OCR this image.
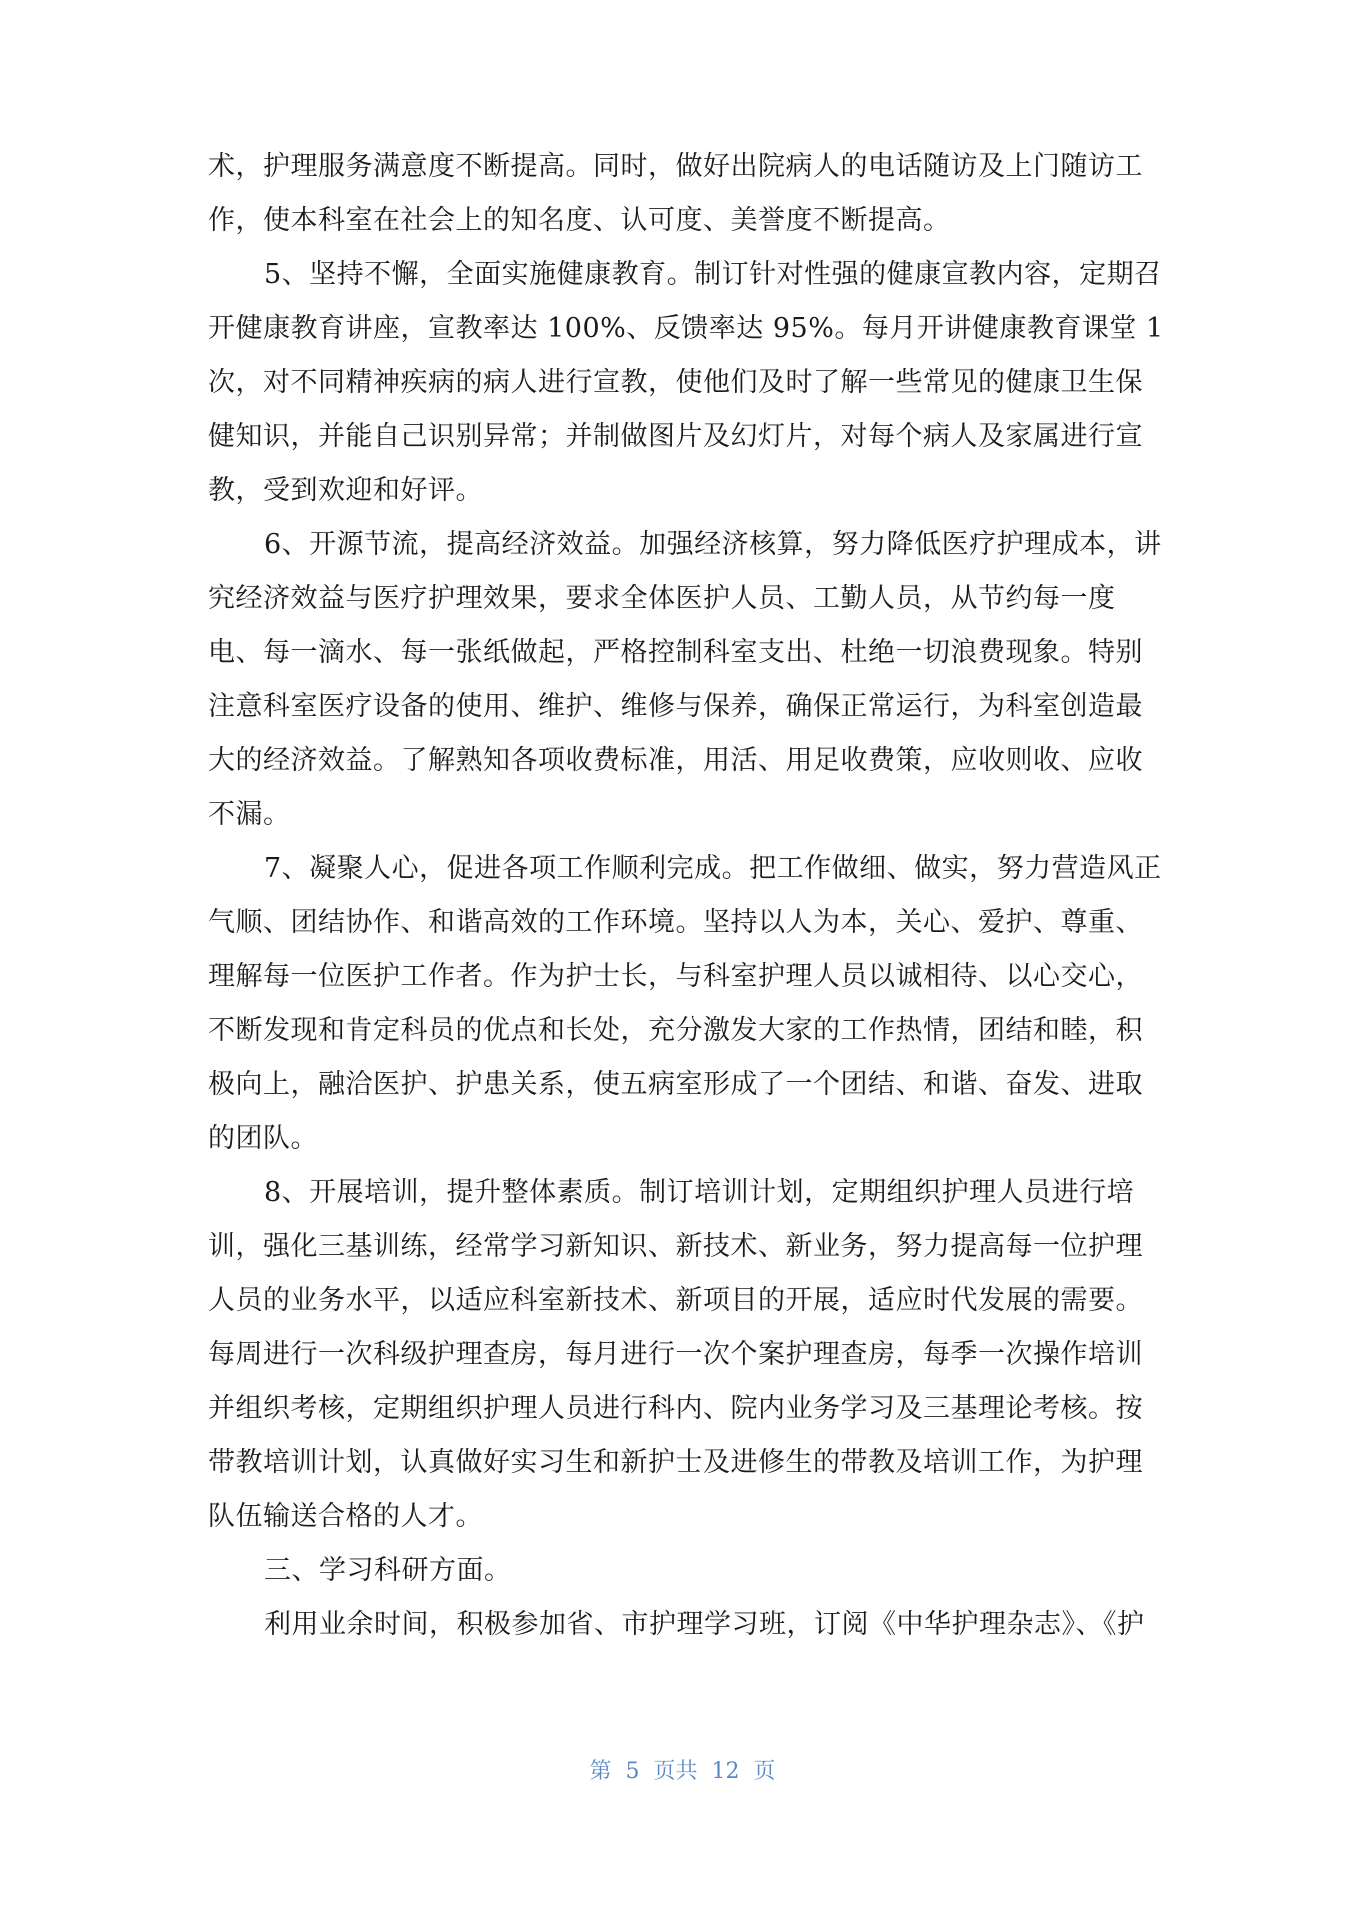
术，护理服务满意度不断提高。同时，做好出院病人的电话随访及上门随访工
作，使本科室在社会上的知名度、认可度、美誉度不断提高。
5、坚持不懈，全面实施健康教育。制订针对性强的健康宣教内容，定期召
开健康教育讲座，宣教率达 100%、反馈率达 95%。每月开讲健康教育课堂 1
次，对不同精神疾病的病人进行宣教，使他们及时了解一些常见的健康卫生保
健知识，并能自己识别异常；并制做图片及幻灯片，对每个病人及家属进行宣
教，受到欢迎和好评。
6、开源节流，提高经济效益。加强经济核算，努力降低医疗护理成本，讲
究经济效益与医疗护理效果，要求全体医护人员、工勤人员，从节约每一度
电、每一滴水、每一张纸做起，严格控制科室支出、杜绝一切浪费现象。特别
注意科室医疗设备的使用、维护、维修与保养，确保正常运行，为科室创造最
大的经济效益。了解熟知各项收费标准，用活、用足收费策，应收则收、应收
不漏。
7、凝聚人心，促进各项工作顺利完成。把工作做细、做实，努力营造风正
气顺、团结协作、和谐高效的工作环境。坚持以人为本，关心、爱护、尊重、
理解每一位医护工作者。作为护士长，与科室护理人员以诚相待、以心交心，
不断发现和肯定科员的优点和长处，充分激发大家的工作热情，团结和睦，积
极向上，融洽医护、护患关系，使五病室形成了一个团结、和谐、奋发、进取
的团队。
8、开展培训，提升整体素质。制订培训计划，定期组织护理人员进行培
训，强化三基训练，经常学习新知识、新技术、新业务，努力提高每一位护理
人员的业务水平，以适应科室新技术、新项目的开展，适应时代发展的需要。
每周进行一次科级护理查房，每月进行一次个案护理查房，每季一次操作培训
并组织考核，定期组织护理人员进行科内、院内业务学习及三基理论考核。按
带教培训计划，认真做好实习生和新护士及进修生的带教及培训工作，为护理
队伍输送合格的人才。
三、学习科研方面。
利用业余时间，积极参加省、市护理学习班，订阅《中华护理杂志》、《护
第  5  页共  12  页
